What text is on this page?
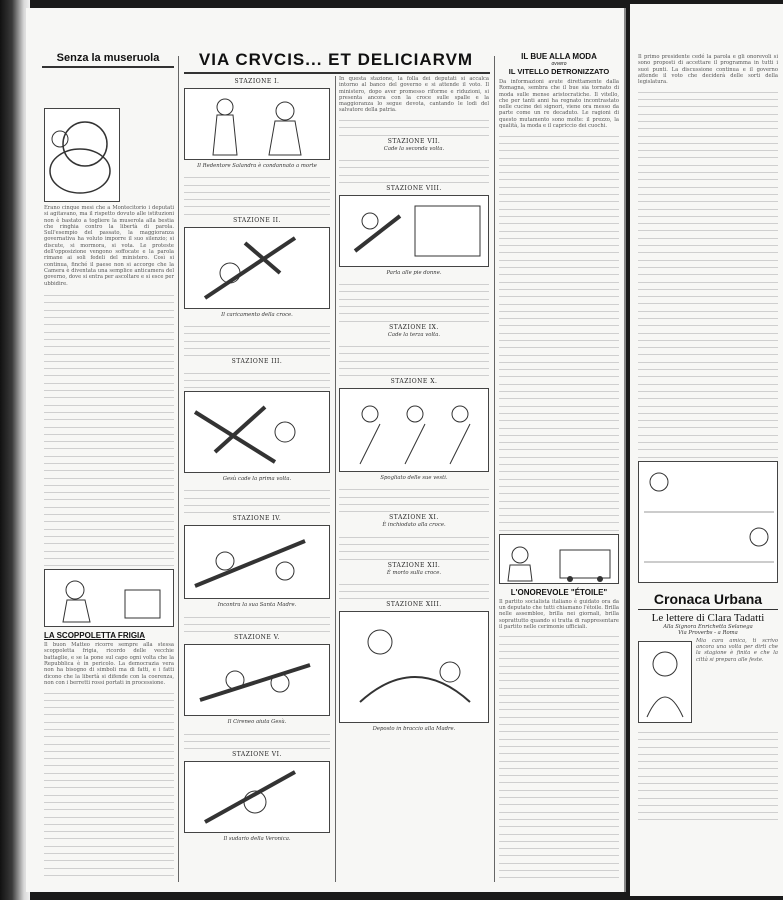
Senza la museruola
Erano cinque mesi che a Montecitorio i deputati si agitavano, ma il rispetto dovuto alle istituzioni non è bastato a togliere la muserola alla bestia che ringhia contro la libertà di parola. Sull'esempio del passato, la maggioranza governativa ha voluto imporre il suo silenzio; si discute, si mormora, si vota. Le proteste dell'opposizione vengono soffocate e la parola rimane ai soli fedeli del ministero. Così si continua, finché il paese non si accorge che la Camera è diventata una semplice anticamera del governo, dove si entra per ascoltare e si esce per ubbidire.
LA SCOPPOLETTA FRIGIA
Il buon Matteo ricorre sempre alla stessa scoppoletta frigia, ricordo delle vecchie battaglie, e se la pone sul capo ogni volta che la Repubblica è in pericolo. La democrazia vera non ha bisogno di simboli ma di fatti, e i fatti dicono che la libertà si difende con la coerenza, non con i berretti rossi portati in processione.
VIA CRVCIS... ET DELICIARVM
STAZIONE I.
Il Redentore Salandra è condannato a morte
STAZIONE II.
Il caricamento della croce.
STAZIONE III.
Gesù cade la prima volta.
STAZIONE IV.
Incontra la sua Santa Madre.
STAZIONE V.
Il Cireneo aiuta Gesù.
STAZIONE VI.
Il sudario della Veronica.
In questa stazione, la folla dei deputati si accalca intorno al banco del governo e si attende il voto. Il ministero, dopo aver promesso riforme e riduzioni, si presenta ancora con la croce sulle spalle e la maggioranza lo segue devota, cantando le lodi del salvatore della patria.
STAZIONE VII.
Cade la seconda volta.
STAZIONE VIII.
Parla alle pie donne.
STAZIONE IX.
Cade la terza volta.
STAZIONE X.
Spogliato delle sue vesti.
STAZIONE XI.
È inchiodato alla croce.
STAZIONE XII.
È morto sulla croce.
STAZIONE XIII.
Deposto in braccio alla Madre.
IL BUE ALLA MODA
ovvero
IL VITELLO DETRONIZZATO
Da informazioni avute direttamente dalla Romagna, sembra che il bue sia tornato di moda sulle mense aristocratiche. Il vitello, che per tanti anni ha regnato incontrastato nelle cucine dei signori, viene ora messo da parte come un re decaduto. Le ragioni di questo mutamento sono molte: il prezzo, la qualità, la moda e il capriccio dei cuochi.
L'ONOREVOLE "ÉTOILE"
Il partito socialista italiano è guidato ora da un deputato che tutti chiamano l'étoile. Brilla nelle assemblee, brilla nei giornali, brilla soprattutto quando si tratta di rappresentare il partito nelle cerimonie ufficiali.
Il primo presidente cedé la parola e gli onorevoli si sono proposti di accettare il programma in tutti i suoi punti. La discussione continua e il governo attende il voto che deciderà delle sorti della legislatura.
Cronaca Urbana
Le lettere di Clara Tadatti
Alla Signora Enrichetta Selanega
Via Proverbs - a Roma
Mia cara amica, ti scrivo ancora una volta per dirti che la stagione è finita e che la città si prepara alle feste.
